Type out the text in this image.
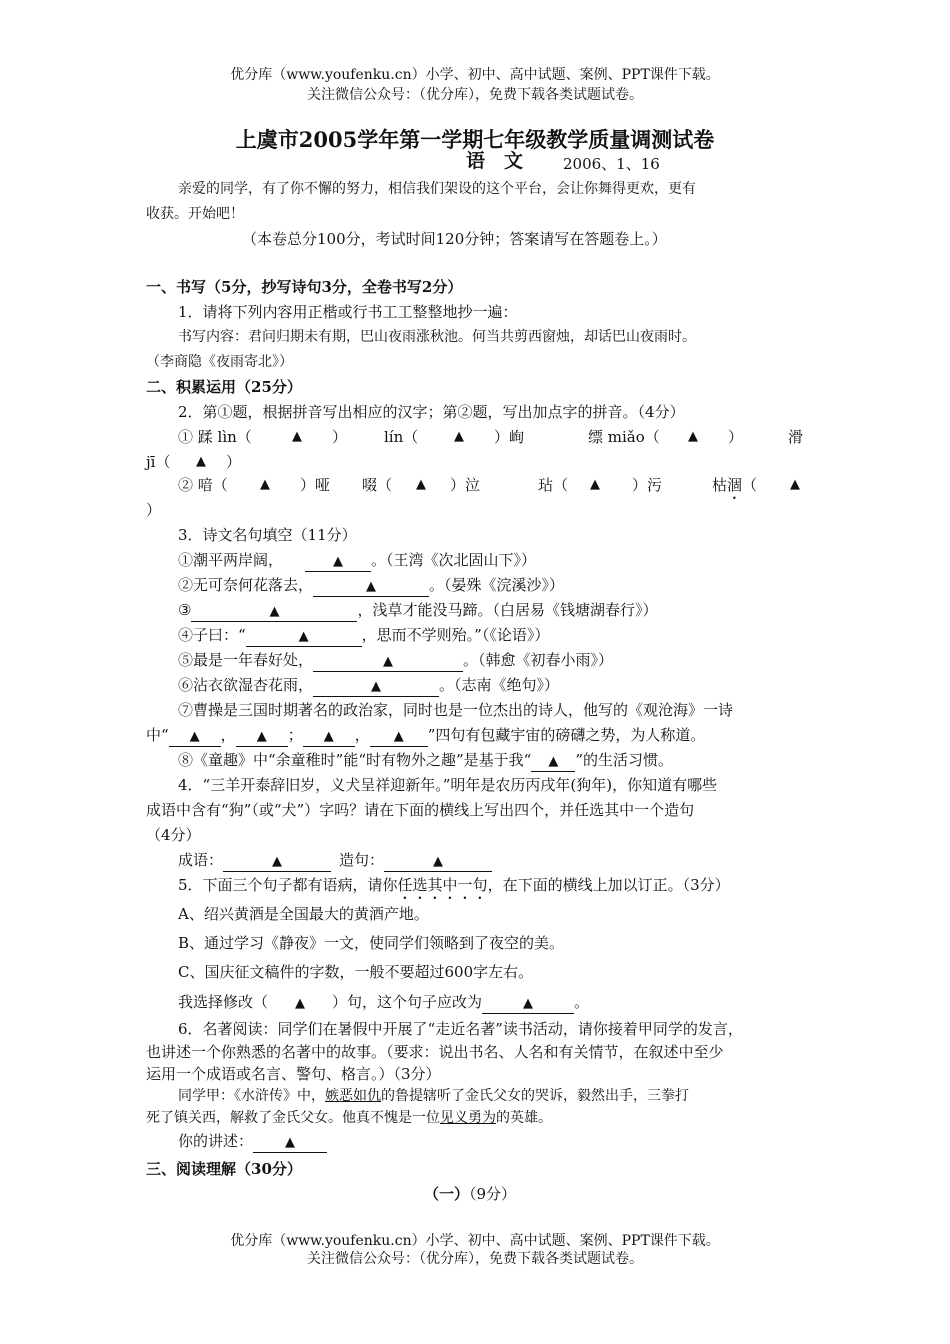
优分库（www.youfenku.cn）小学、初中、高中试题、案例、PPT课件下载。
关注微信公众号：（优分库），免费下载各类试题试卷。
上虞市2005学年第一学期七年级教学质量调测试卷
语　文	2006、1、16
亲爱的同学，有了你不懈的努力，相信我们架设的这个平台，会让你舞得更欢，更有
收获。开始吧！
（本卷总分100分，考试时间120分钟；答案请写在答题卷上。）
一、书写（5分，抄写诗句3分，全卷书写2分）
1．请将下列内容用正楷或行书工工整整地抄一遍：
书写内容：君问归期未有期，巴山夜雨涨秋池。何当共剪西窗烛，却话巴山夜雨时。
（李商隐《夜雨寄北》）
二、积累运用（25分）
2．第①题，根据拼音写出相应的汉字；第②题，写出加点字的拼音。（4分）
① 蹂 lìn（	▲ ） lín（	▲ ）峋	缥 miǎo（ ▲ ）	滑
jī（ ▲ ）
② 喑（ ▲ ）哑 啜（ ▲ ）泣	玷（ ▲ ）污	枯涸（	▲
）
3．诗文名句填空（11分）
①潮平两岸阔，	▲ 。（王湾《次北固山下》）
②无可奈何花落去，	▲	。（晏殊《浣溪沙》）
③	▲	，浅草才能没马蹄。（白居易《钱塘湖春行》）
④子曰：“	▲	，思而不学则殆。”（《论语》）
⑤最是一年春好处，	▲	。（韩愈《初春小雨》）
⑥沾衣欲湿杏花雨，	▲	。（志南《绝句》）
⑦曹操是三国时期著名的政治家，同时也是一位杰出的诗人，他写的《观沧海》一诗
中“ ▲ ， ▲ ； ▲ ， ▲ ”四句有包藏宇宙的磅礴之势，为人称道。
⑧《童趣》中“余童稚时”能“时有物外之趣”是基于我“ ▲ ”的生活习惯。
4．“三羊开泰辞旧岁，义犬呈祥迎新年。”明年是农历丙戌年(狗年)，你知道有哪些
成语中含有“狗”（或“犬”）字吗？请在下面的横线上写出四个，并任选其中一个造句
（4分）
成语：	▲	造句：	▲
5．下面三个句子都有语病，请你任选其中一句，在下面的横线上加以订正。（3分）
A、绍兴黄酒是全国最大的黄酒产地。
B、通过学习《静夜》一文，使同学们领略到了夜空的美。
C、国庆征文稿件的字数，一般不要超过600字左右。
我选择修改（ ▲ ）句，这个句子应改为	▲	。
6．名著阅读：同学们在暑假中开展了“走近名著”读书活动，请你接着甲同学的发言，
也讲述一个你熟悉的名著中的故事。（要求：说出书名、人名和有关情节，在叙述中至少
运用一个成语或名言、警句、格言。）（3分）
同学甲：《水浒传》中，嫉恶如仇的鲁提辖听了金氏父女的哭诉，毅然出手，三拳打
死了镇关西，解救了金氏父女。他真不愧是一位见义勇为的英雄。
你的讲述： ▲
三、阅读理解（30分）
（一）（9分）
优分库（www.youfenku.cn）小学、初中、高中试题、案例、PPT课件下载。
关注微信公众号：（优分库），免费下载各类试题试卷。
